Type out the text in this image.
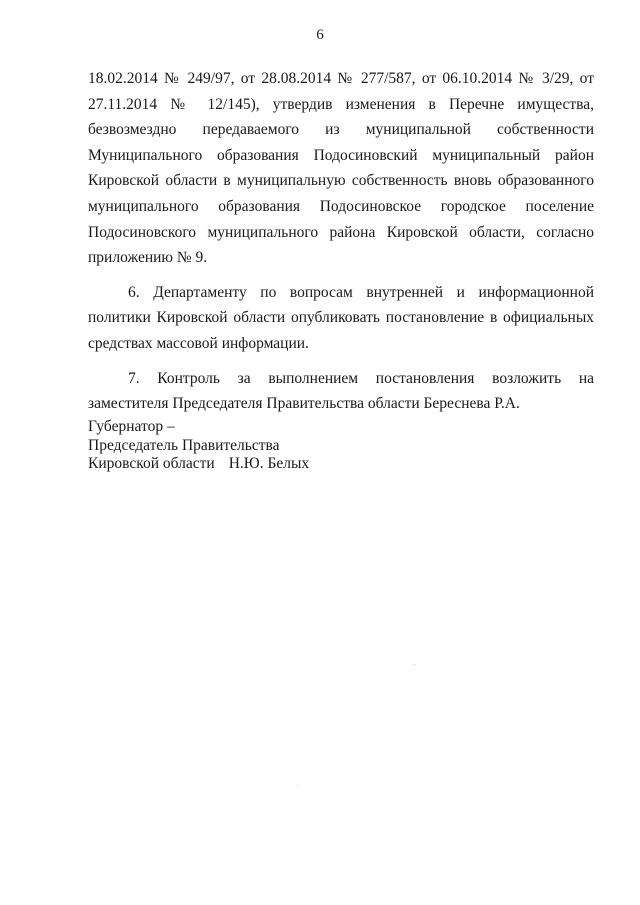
6

18.02.2014 № 249/97, от 28.08.2014 № 277/587, от 06.10.2014 № 3/29, от 27.11.2014 № 12/145), утвердив изменения в Перечне имущества, безвозмездно передаваемого из муниципальной собственности Муниципального образования Подосиновский муниципальный район Кировской области в муниципальную собственность вновь образованного муниципального образования Подосиновское городское поселение Подосиновского муниципального района Кировской области, согласно приложению № 9.

6. Департаменту по вопросам внутренней и информационной политики Кировской области опубликовать постановление в официальных средствах массовой информации.

7. Контроль за выполнением постановления возложить на заместителя Председателя Правительства области Береснева Р.А.

Губернатор –
Председатель Правительства
Кировской области Н.Ю. Белых
